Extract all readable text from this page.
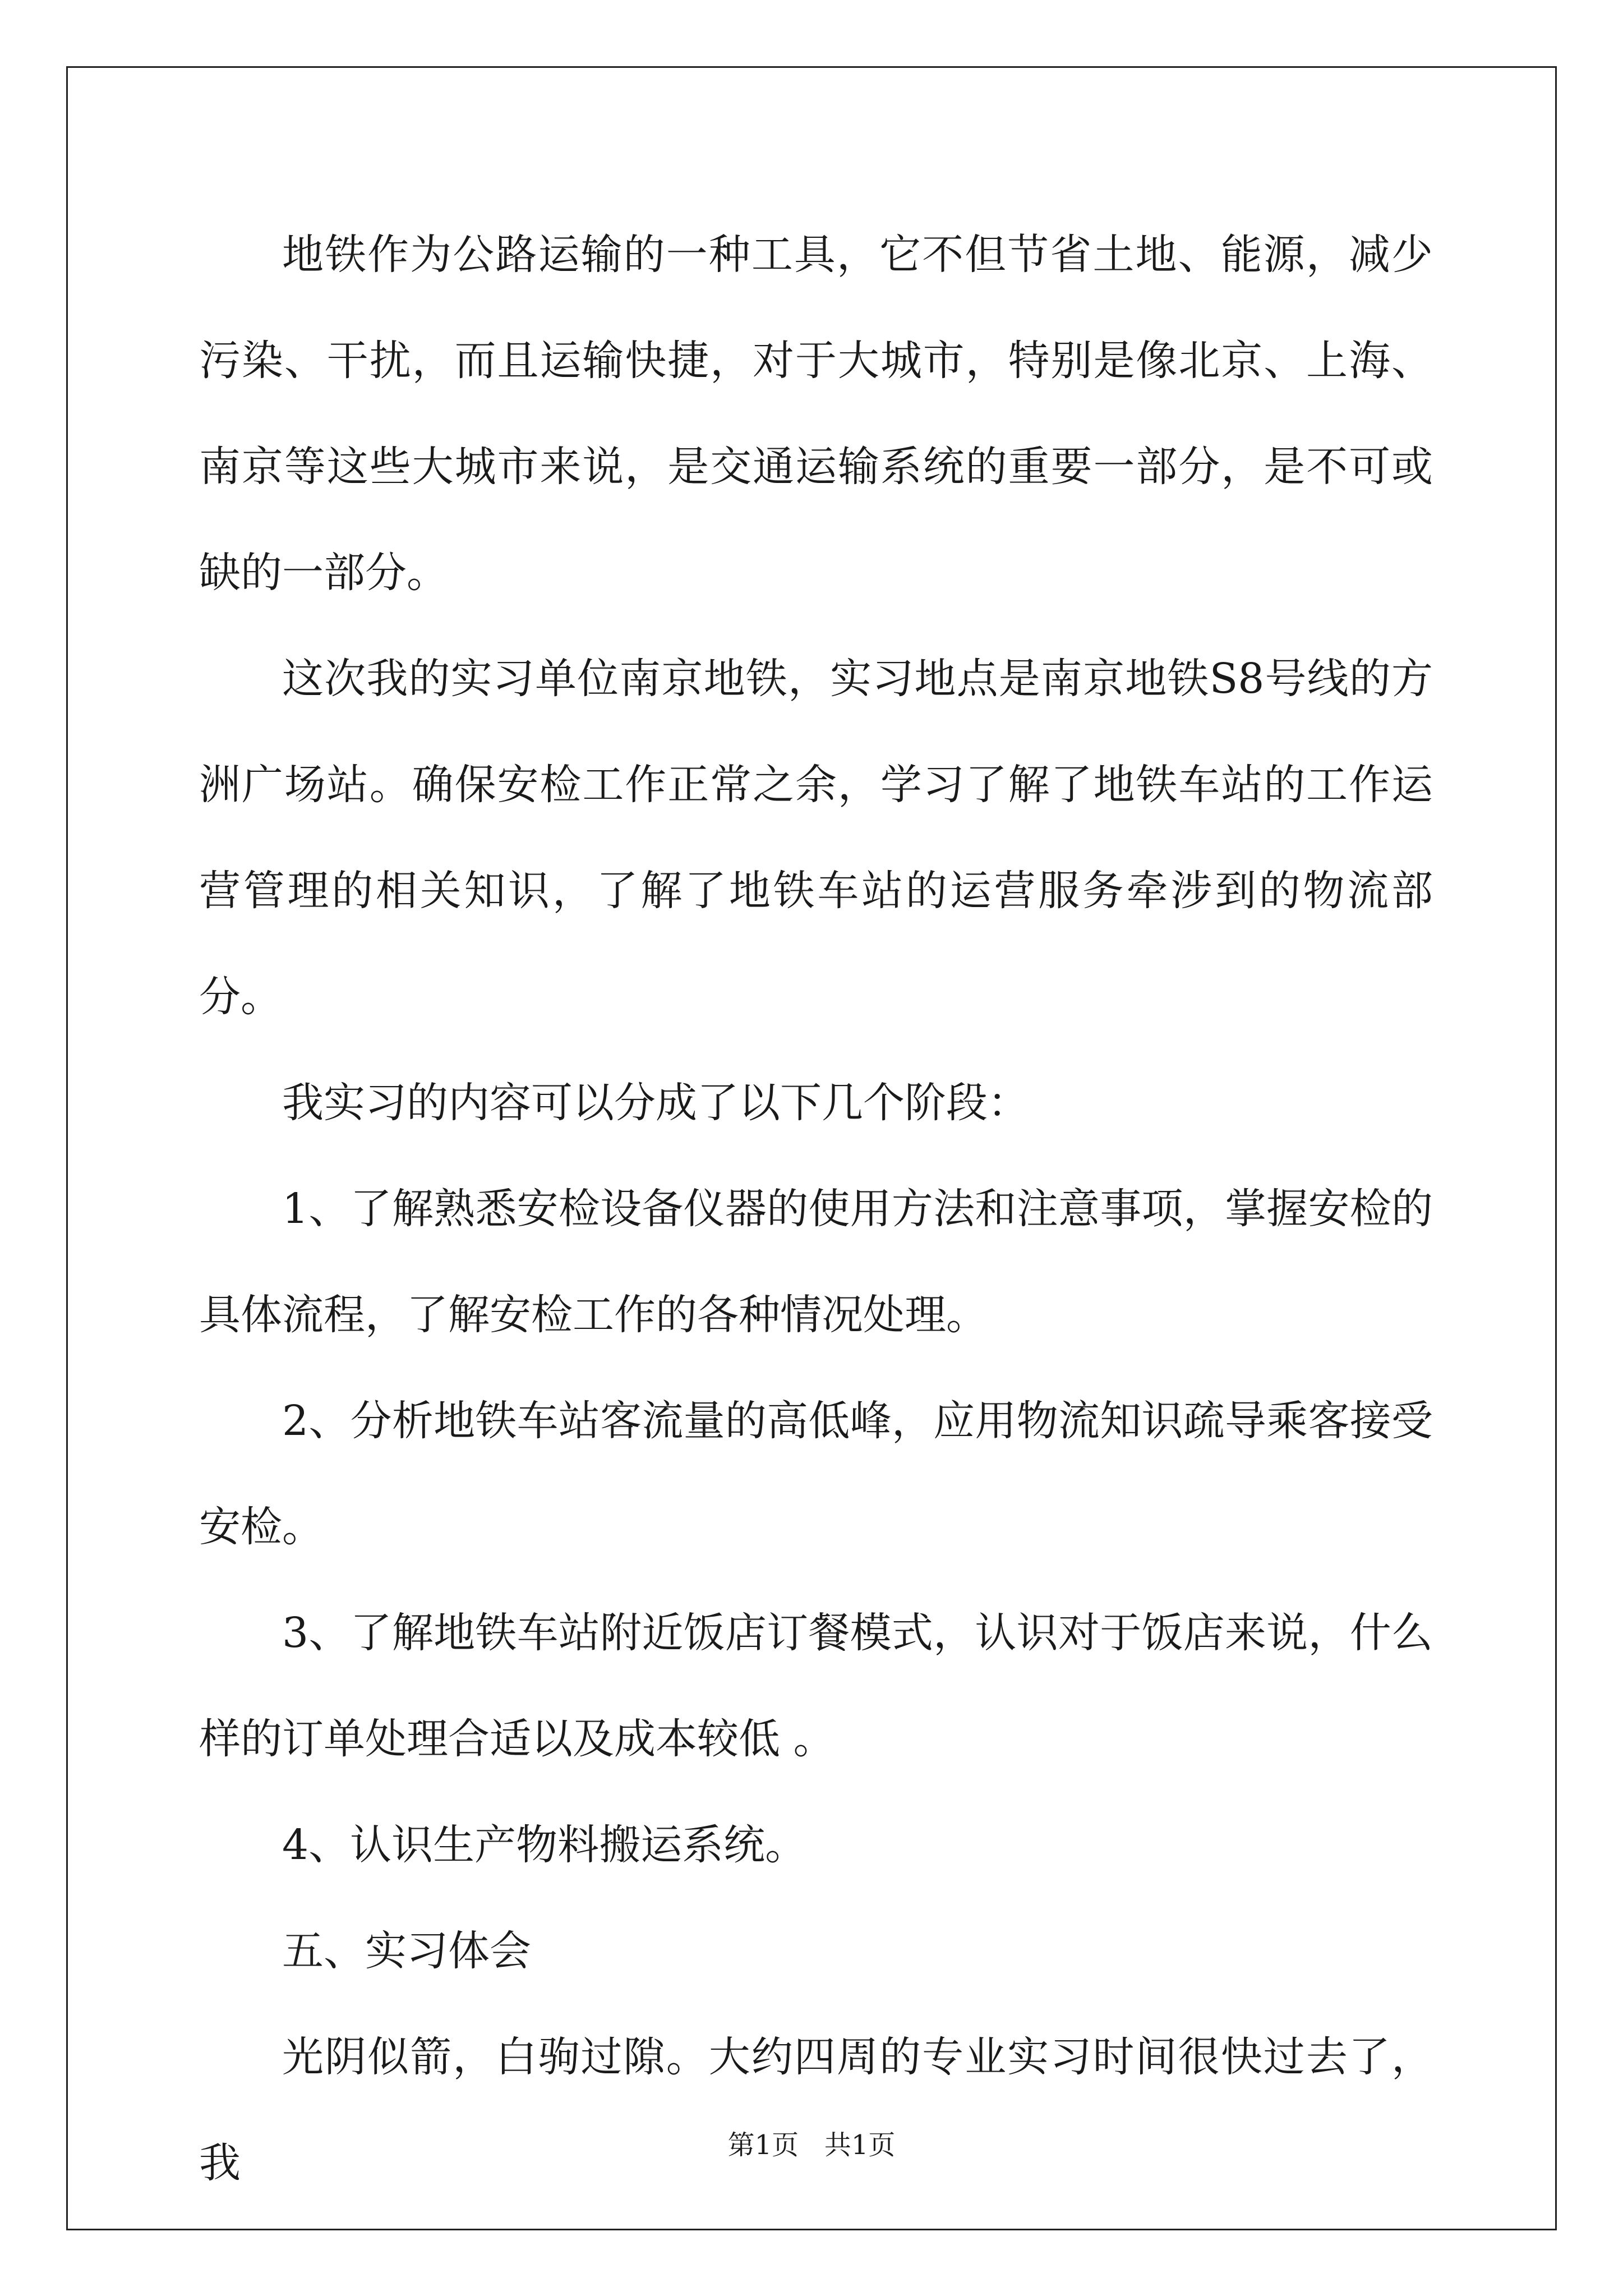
地铁作为公路运输的一种工具，它不但节省土地、能源，减少污染、干扰，而且运输快捷，对于大城市，特别是像北京、上海、南京等这些大城市来说，是交通运输系统的重要一部分，是不可或缺的一部分。

这次我的实习单位南京地铁，实习地点是南京地铁S8号线的方洲广场站。确保安检工作正常之余，学习了解了地铁车站的工作运营管理的相关知识，了解了地铁车站的运营服务牵涉到的物流部分。

我实习的内容可以分成了以下几个阶段：

1、了解熟悉安检设备仪器的使用方法和注意事项，掌握安检的具体流程，了解安检工作的各种情况处理。

2、分析地铁车站客流量的高低峰，应用物流知识疏导乘客接受安检。

3、了解地铁车站附近饭店订餐模式，认识对于饭店来说，什么样的订单处理合适以及成本较低 。

4、认识生产物料搬运系统。

五、实习体会

光阴似箭，白驹过隙。大约四周的专业实习时间很快过去了，我	第1页 共1页
